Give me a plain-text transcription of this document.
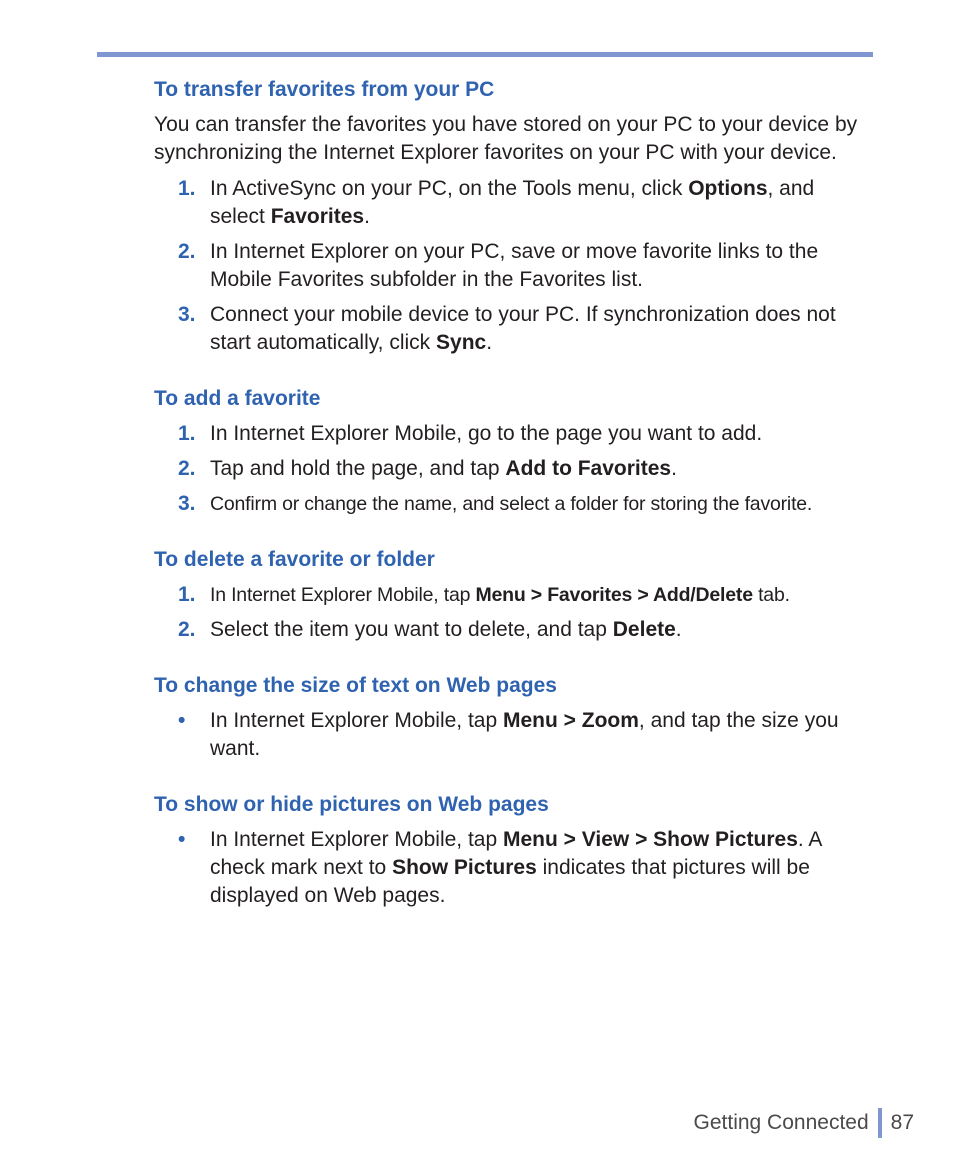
To transfer favorites from your PC

You can transfer the favorites you have stored on your PC to your device by synchronizing the Internet Explorer favorites on your PC with your device.

1. In ActiveSync on your PC, on the Tools menu, click Options, and select Favorites.
2. In Internet Explorer on your PC, save or move favorite links to the Mobile Favorites subfolder in the Favorites list.
3. Connect your mobile device to your PC. If synchronization does not start automatically, click Sync.
To add a favorite
1. In Internet Explorer Mobile, go to the page you want to add.
2. Tap and hold the page, and tap Add to Favorites.
3. Confirm or change the name, and select a folder for storing the favorite.
To delete a favorite or folder
1. In Internet Explorer Mobile, tap Menu > Favorites > Add/Delete tab.
2. Select the item you want to delete, and tap Delete.
To change the size of text on Web pages
• In Internet Explorer Mobile, tap Menu > Zoom, and tap the size you want.
To show or hide pictures on Web pages
• In Internet Explorer Mobile, tap Menu > View > Show Pictures. A check mark next to Show Pictures indicates that pictures will be displayed on Web pages.
Getting Connected 87
